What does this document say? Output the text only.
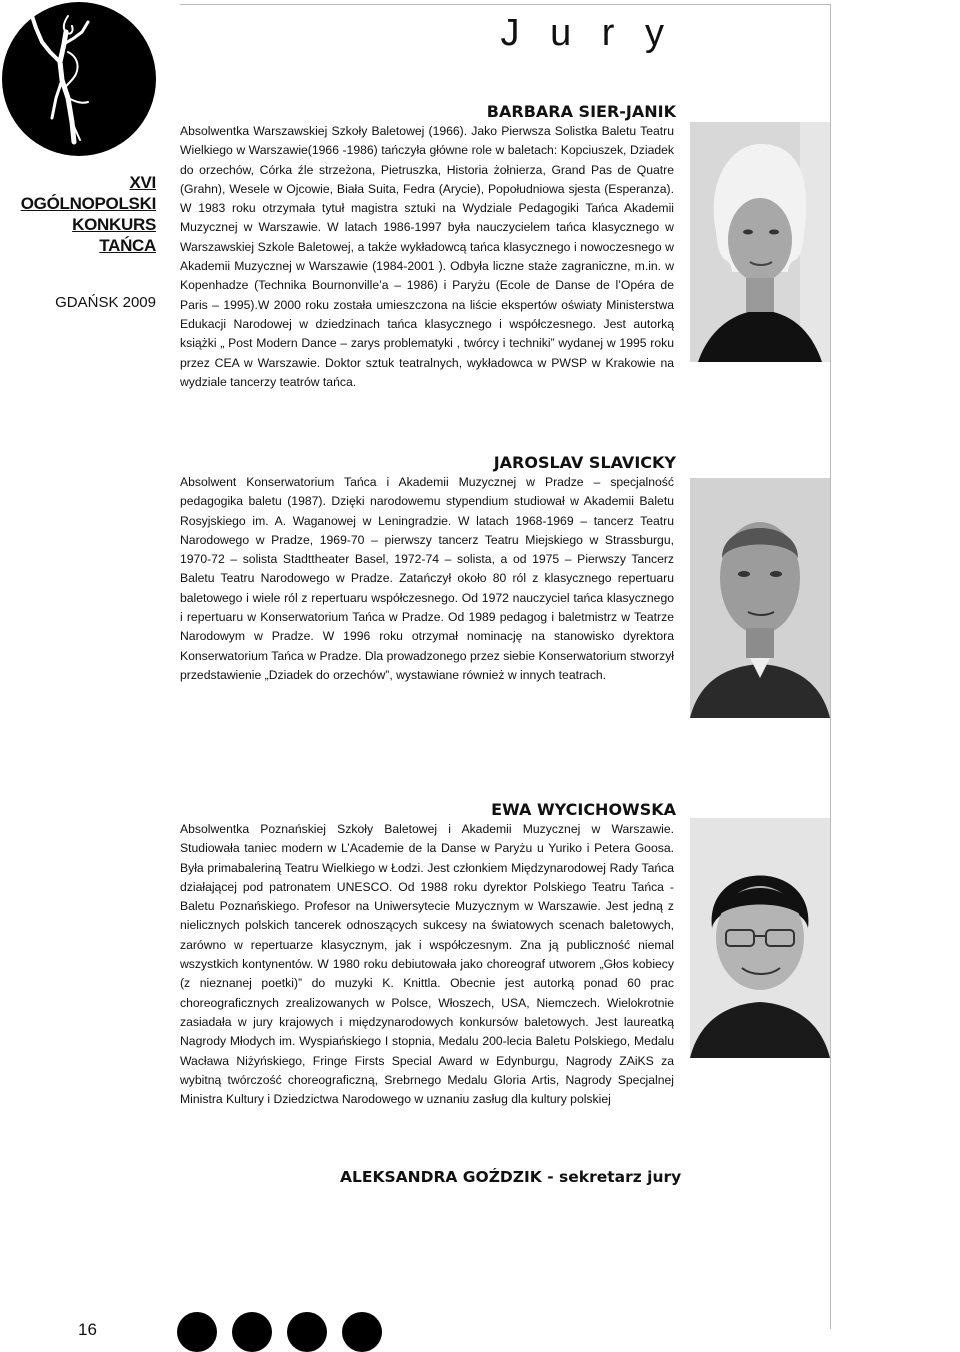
XVI
OGÓLNOPOLSKI
KONKURS
TAŃCA
GDAŃSK 2009
J u r y
BARBARA SIER-JANIK
Absolwentka Warszawskiej Szkoły Baletowej (1966). Jako Pierwsza Solistka Baletu Teatru Wielkiego w Warszawie(1966 -1986) tańczyła główne role w baletach: Kopciuszek, Dziadek do orzechów, Córka źle strzeżona, Pietruszka, Historia żołnierza, Grand Pas de Quatre (Grahn), Wesele w Ojcowie, Biała Suita, Fedra (Arycie), Popołudniowa sjesta (Esperanza). W 1983 roku otrzymała tytuł magistra sztuki na Wydziale Pedagogiki Tańca Akademii Muzycznej w Warszawie. W latach 1986-1997 była nauczycielem tańca klasycznego w Warszawskiej Szkole Baletowej, a także wykładowcą tańca klasycznego i nowoczesnego w Akademii Muzycznej w Warszawie (1984-2001 ). Odbyła liczne staże zagraniczne, m.in. w Kopenhadze (Technika Bournonville’a – 1986) i Paryżu (Ecole de Danse de l’Opéra de Paris – 1995).W 2000 roku została umieszczona na liście ekspertów oświaty Ministerstwa Edukacji Narodowej w dziedzinach tańca klasycznego i współczesnego. Jest autorką książki „ Post Modern Dance – zarys problematyki , twórcy i techniki” wydanej w 1995 roku przez CEA w Warszawie. Doktor sztuk teatralnych, wykładowca w PWSP w Krakowie na wydziale tancerzy teatrów tańca.
JAROSLAV SLAVICKY
Absolwent Konserwatorium Tańca i Akademii Muzycznej w Pradze – specjalność pedagogika baletu (1987). Dzięki narodowemu stypendium studiował w Akademii Baletu Rosyjskiego im. A. Waganowej w Leningradzie. W latach 1968-1969 – tancerz Teatru Narodowego w Pradze, 1969-70 – pierwszy tancerz Teatru Miejskiego w Strassburgu, 1970-72 – solista Stadttheater Basel, 1972-74 – solista, a od 1975 – Pierwszy Tancerz Baletu Teatru Narodowego w Pradze. Zatańczył około 80 ról z klasycznego repertuaru baletowego i wiele ról z repertuaru współczesnego. Od 1972 nauczyciel tańca klasycznego i repertuaru w Konserwatorium Tańca w Pradze. Od 1989 pedagog i baletmistrz w Teatrze Narodowym w Pradze. W 1996 roku otrzymał nominację na stanowisko dyrektora Konserwatorium Tańca w Pradze. Dla prowadzonego przez siebie Konserwatorium stworzył przedstawienie „Dziadek do orzechów”, wystawiane również w innych teatrach.
EWA WYCICHOWSKA
Absolwentka Poznańskiej Szkoły Baletowej i Akademii Muzycznej w Warszawie. Studiowała taniec modern w L’Academie de la Danse w Paryżu u Yuriko i Petera Goosa. Była primabaleriną Teatru Wielkiego w Łodzi. Jest członkiem Międzynarodowej Rady Tańca działającej pod patronatem UNESCO. Od 1988 roku dyrektor Polskiego Teatru Tańca - Baletu Poznańskiego. Profesor na Uniwersytecie Muzycznym w Warszawie. Jest jedną z nielicznych polskich tancerek odnoszących sukcesy na światowych scenach baletowych, zarówno w repertuarze klasycznym, jak i współczesnym. Zna ją publiczność niemal wszystkich kontynentów. W 1980 roku debiutowała jako choreograf utworem „Głos kobiecy (z nieznanej poetki)” do muzyki K. Knittla. Obecnie jest autorką ponad 60 prac choreograficznych zrealizowanych w Polsce, Włoszech, USA, Niemczech. Wielokrotnie zasiadała w jury krajowych i międzynarodowych konkursów baletowych. Jest laureatką Nagrody Młodych im. Wyspiańskiego I stopnia, Medalu 200-lecia Baletu Polskiego, Medalu Wacława Niżyńskiego, Fringe Firsts Special Award w Edynburgu, Nagrody ZAiKS za wybitną twórczość choreograficzną, Srebrnego Medalu Gloria Artis, Nagrody Specjalnej Ministra Kultury i Dziedzictwa Narodowego w uznaniu zasług dla kultury polskiej
ALEKSANDRA GOŹDZIK - sekretarz jury
16
